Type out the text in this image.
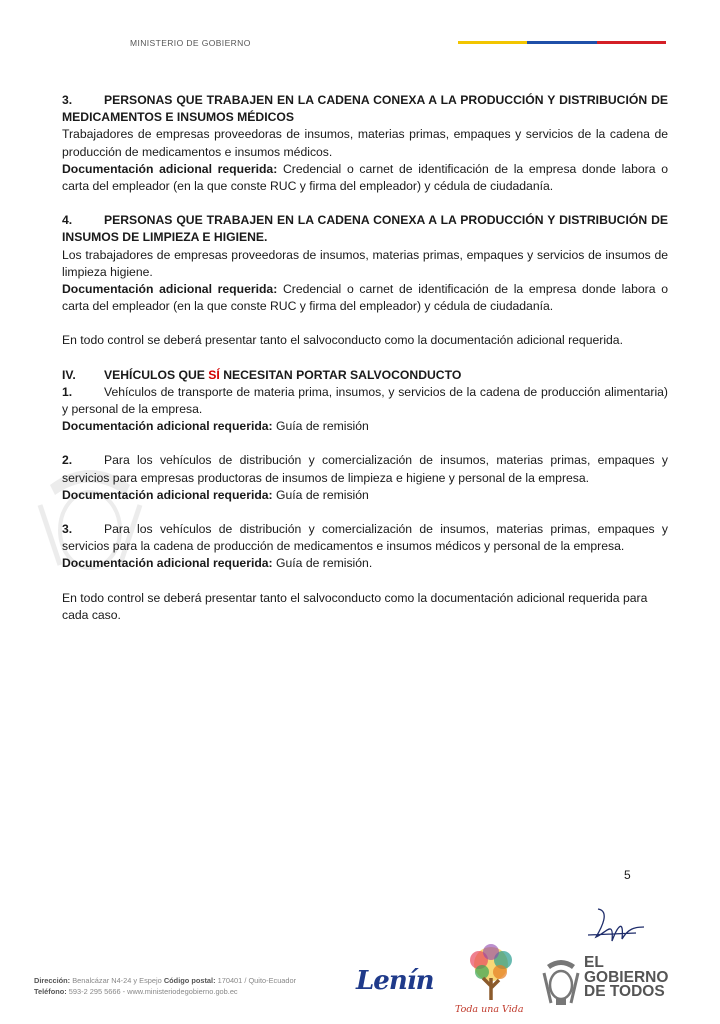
MINISTERIO DE GOBIERNO
3.	PERSONAS QUE TRABAJEN EN LA CADENA CONEXA A LA PRODUCCIÓN Y DISTRIBUCIÓN DE MEDICAMENTOS E INSUMOS MÉDICOS

Trabajadores de empresas proveedoras de insumos, materias primas, empaques y servicios de la cadena de producción de medicamentos e insumos médicos.

Documentación adicional requerida: Credencial o carnet de identificación de la empresa donde labora o carta del empleador (en la que conste RUC y firma del empleador) y cédula de ciudadanía.

4.	PERSONAS QUE TRABAJEN EN LA CADENA CONEXA A LA PRODUCCIÓN Y DISTRIBUCIÓN DE INSUMOS DE LIMPIEZA E HIGIENE.

Los trabajadores de empresas proveedoras de insumos, materias primas, empaques y servicios de insumos de limpieza higiene.

Documentación adicional requerida: Credencial o carnet de identificación de la empresa donde labora o carta del empleador (en la que conste RUC y firma del empleador) y cédula de ciudadanía.

En todo control se deberá presentar tanto el salvoconducto como la documentación adicional requerida.

IV. VEHÍCULOS QUE SÍ NECESITAN PORTAR SALVOCONDUCTO

1.	Vehículos de transporte de materia prima, insumos, y servicios de la cadena de producción alimentaria) y personal de la empresa.

Documentación adicional requerida: Guía de remisión

2.	Para los vehículos de distribución y comercialización de insumos, materias primas, empaques y servicios para empresas productoras de insumos de limpieza e higiene y personal de la empresa.

Documentación adicional requerida: Guía de remisión

3.	Para los vehículos de distribución y comercialización de insumos, materias primas, empaques y servicios para la cadena de producción de medicamentos e insumos médicos y personal de la empresa.

Documentación adicional requerida: Guía de remisión.

En todo control se deberá presentar tanto el salvoconducto como la documentación adicional requerida para cada caso.

5
Dirección: Benalcázar N4-24 y Espejo Código postal: 170401 / Quito-Ecuador
Teléfono: 593-2 295 5666 - www.ministeriodegobierno.gob.ec	Lenín
Toda una Vida
EL
GOBIERNO
DE TODOS
